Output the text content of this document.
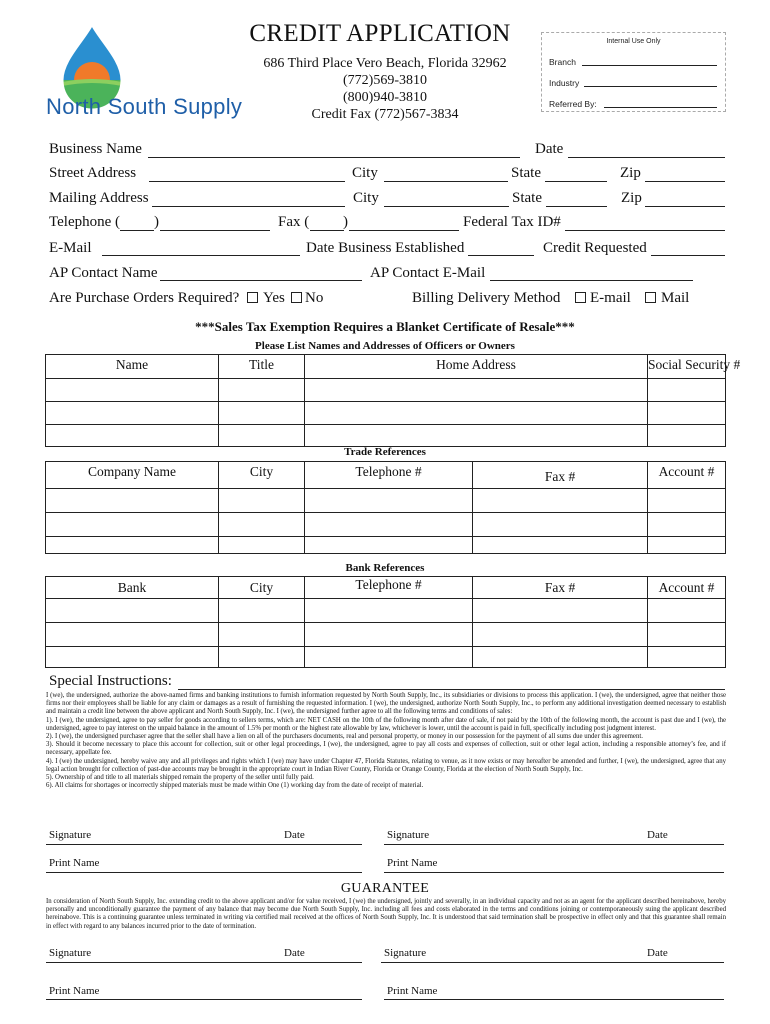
North South Supply
CREDIT APPLICATION
686 Third Place Vero Beach, Florida 32962
(772)569-3810
(800)940-3810
Credit Fax (772)567-3834
Internal Use Only
Branch
Industry
Referred By:
Business Name	Date
Street Address	City	State	Zip
Mailing Address	City	State	Zip
Telephone ( )	Fax ( )	Federal Tax ID#
E-Mail	Date Business Established	Credit Requested
AP Contact Name	AP Contact E-Mail
Are Purchase Orders Required? Yes No	Billing Delivery Method E-mail Mail
***Sales Tax Exemption Requires a Blanket Certificate of Resale***
Please List Names and Addresses of Officers or Owners
Name	Title	Home Address	Social Security #

Trade References
Company Name	City	Telephone #	Fax #	Account #

Bank References
Bank	City	Telephone #	Fax #	Account #

Special Instructions:
I (we), the undersigned, authorize the above-named firms and banking institutions to furnish information requested by North South Supply, Inc., its subsidiaries or divisions to process this application. I (we), the undersigned, agree that neither those firms nor their employees shall be liable for any claim or damages as a result of furnishing the requested information. I (we), the undersigned, authorize North South Supply, Inc., to perform any additional investigation deemed necessary to establish and maintain a credit line between the above applicant and North South Supply, Inc. I (we), the undersigned further agree to all the following terms and conditions of sales:
1). I (we), the undersigned, agree to pay seller for goods according to sellers terms, which are: NET CASH on the 10th of the following month after date of sale, if not paid by the 10th of the following month, the account is past due and I (we), the undersigned, agree to pay interest on the unpaid balance in the amount of 1.5% per month or the highest rate allowable by law, whichever is lower, until the account is paid in full, specifically including post judgment interest.
2). I (we), the undersigned purchaser agree that the seller shall have a lien on all of the purchasers documents, real and personal property, or money in our possession for the payment of all sums due under this agreement.
3). Should it become necessary to place this account for collection, suit or other legal proceedings, I (we), the undersigned, agree to pay all costs and expenses of collection, suit or other legal action, including a responsible attorney’s fee, and if necessary, appellate fee.
4). I (we) the undersigned, hereby waive any and all privileges and rights which I (we) may have under Chapter 47, Florida Statutes, relating to venue, as it now exists or may hereafter be amended and further, I (we), the undersigned, agree that any legal action brought for collection of past-due accounts may be brought in the appropriate court in Indian River County, Florida or Orange County, Florida at the election of North South Supply, Inc.
5). Ownership of and title to all materials shipped remain the property of the seller until fully paid.
6). All claims for shortages or incorrectly shipped materials must be made within One (1) working day from the date of receipt of material.
Signature	Date	Signature	Date
Print Name	Print Name
GUARANTEE
In consideration of North South Supply, Inc. extending credit to the above applicant and/or for value received, I (we) the undersigned, jointly and severally, in an individual capacity and not as an agent for the applicant described hereinabove, hereby personally and unconditionally guarantee the payment of any balance that may become due North South Supply, Inc. including all fees and costs elaborated in the terms and conditions joining or contemporaneously suing the applicant described hereinabove. This is a continuing guarantee unless terminated in writing via certified mail received at the offices of North South Supply, Inc. It is understood that said termination shall be prospective in effect only and that this guarantee shall remain in effect with regard to any balances incurred prior to the date of termination.
Signature	Date	Signature	Date
Print Name	Print Name
